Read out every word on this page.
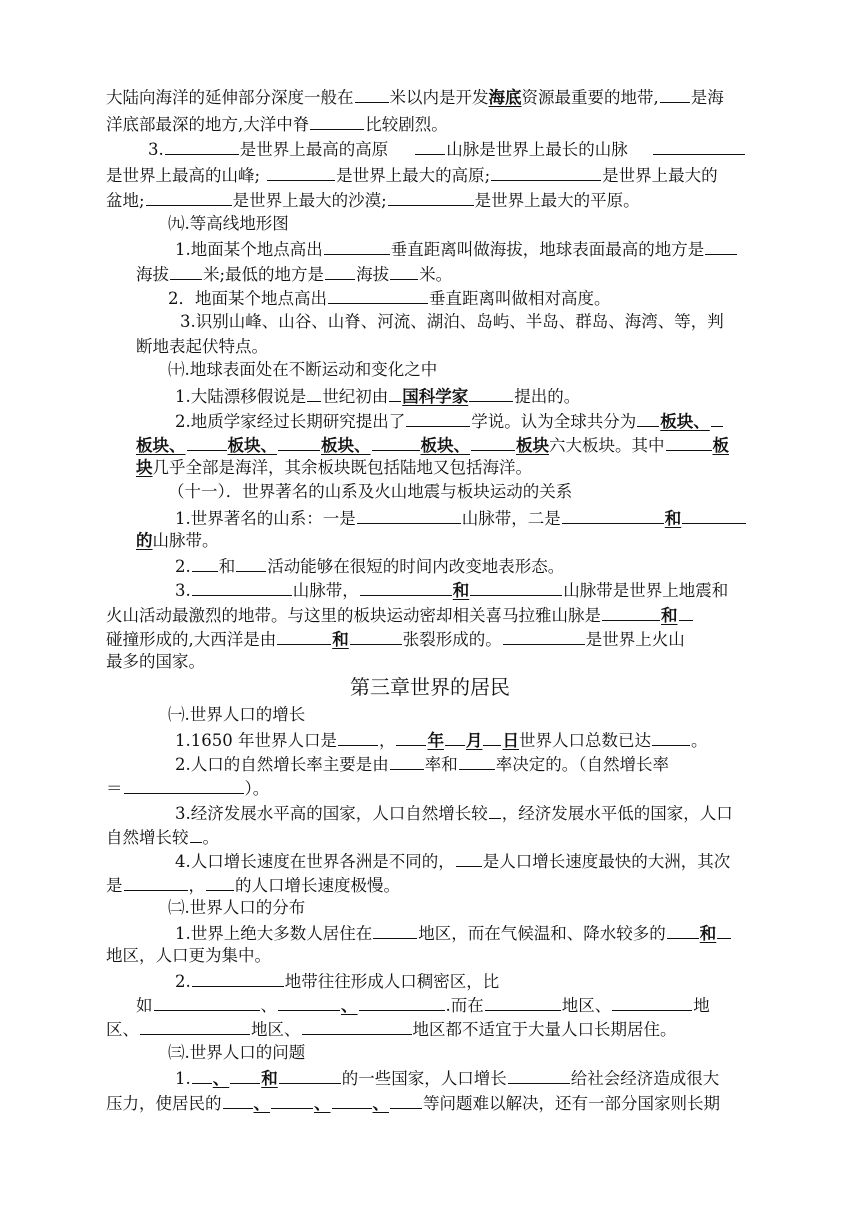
大陆向海洋的延伸部分深度一般在 米以内是开发海底资源最重要的地带, 是海
洋底部最深的地方,大洋中脊	比较剧烈。
3.	是世界上最高的高原	山脉是世界上最长的山脉
是世界上最高的山峰;	是世界上最大的高原;	是世界上最大的
盆地;	是世界上最大的沙漠;	是世界上最大的平原。
㈨.等高线地形图
1.地面某个地点高出	垂直距离叫做海拔，地球表面最高的地方是
海拔 米;最低的地方是 海拔 米。
2．地面某个地点高出	垂直距离叫做相对高度。
3.识别山峰、山谷、山脊、河流、湖泊、岛屿、半岛、群岛、海湾、等，判
断地表起伏特点。
㈩.地球表面处在不断运动和变化之中
1.大陆漂移假说是 世纪初由 国科学家	提出的。
2.地质学家经过长期研究提出了	学说。认为全球共分为 板块、
板块、	板块、	板块、	板块、	板块六大板块。其中	板
块几乎全部是海洋，其余板块既包括陆地又包括海洋。
（十一）．世界著名的山系及火山地震与板块运动的关系
1.世界著名的山系：一是	山脉带，二是	和
的山脉带。
2. 和 活动能够在很短的时间内改变地表形态。
3.	山脉带，	和	山脉带是世界上地震和
火山活动最激烈的地带。与这里的板块运动密却相关喜马拉雅山脉是	和
碰撞形成的,大西洋是由	和	张裂形成的。	是世界上火山
最多的国家。
第三章世界的居民
㈠.世界人口的增长
1.1650 年世界人口是	， 年 月 日世界人口总数已达 。
2.人口的自然增长率主要是由 率和 率决定的。（自然增长率
＝	）。
3.经济发展水平高的国家，人口自然增长较 ，经济发展水平低的国家，人口
自然增长较 。
4.人口增长速度在世界各洲是不同的， 是人口增长速度最快的大洲，其次
是	， 的人口增长速度极慢。
㈡.世界人口的分布
1.世界上绝大多数人居住在	地区，而在气候温和、降水较多的 和
地区，人口更为集中。
2.	地带往往形成人口稠密区，比
如	、	、	.而在	地区、	地
区、	地区、	地区都不适宜于大量人口长期居住。
㈢.世界人口的问题
1. 、 和	的一些国家，人口增长	给社会经济造成很大
压力，使居民的 、	、	、 等问题难以解决，还有一部分国家则长期
